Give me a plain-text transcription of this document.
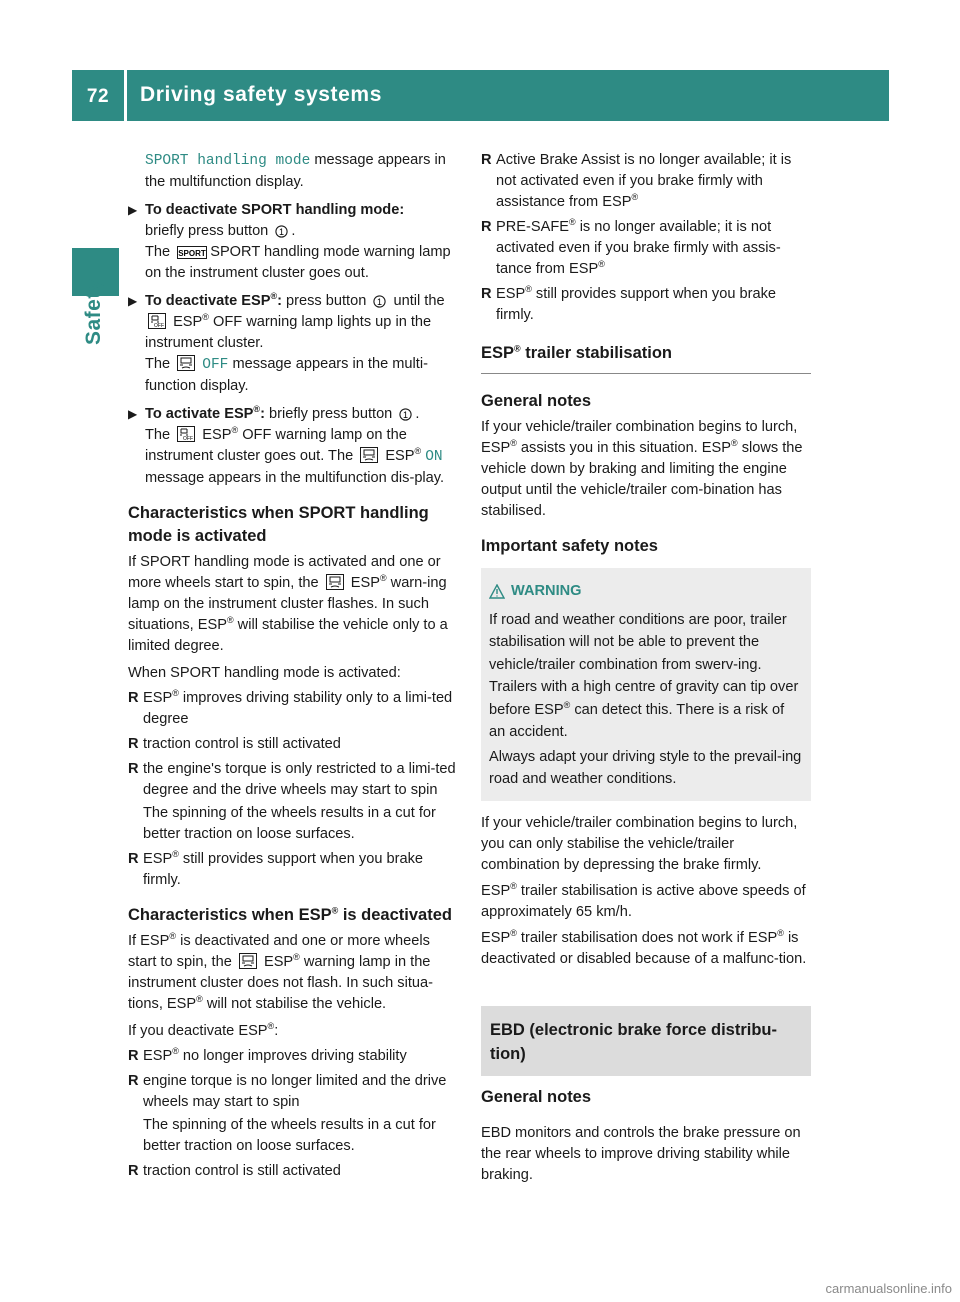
72	Driving safety systems
Safety

SPORT handling mode message appears in the multifunction display.

▶ To deactivate SPORT handling mode:

briefly press button 1 .

The SPORT SPORT handling mode warning lamp on the instrument cluster goes out.

▶ To deactivate ESP®: press button 1 until the
OFF ESP® OFF warning lamp lights up in the instrument cluster.

The OFF message appears in the multi-function display.

▶ To activate ESP®: briefly press button 1 .

The	OFF ESP® OFF warning lamp on the instrument cluster goes out. The ESP® ON message appears in the multifunction dis-play.

Characteristics when SPORT handling mode is activated

If SPORT handling mode is activated and one or more wheels start to spin, the ESP® warn-ing lamp on the instrument cluster flashes. In such situations, ESP® will stabilise the vehicle only to a limited degree.

When SPORT handling mode is activated:

R ESP® improves driving stability only to a limi-ted degree
R traction control is still activated
R the engine's torque is only restricted to a limi-ted degree and the drive wheels may start to spin

The spinning of the wheels results in a cut for better traction on loose surfaces.

R ESP® still provides support when you brake firmly.

Characteristics when ESP® is deactivated

If ESP® is deactivated and one or more wheels start to spin, the ESP® warning lamp in the instrument cluster does not flash. In such situa-tions, ESP® will not stabilise the vehicle.

If you deactivate ESP®:

R ESP® no longer improves driving stability
R engine torque is no longer limited and the drive wheels may start to spin

The spinning of the wheels results in a cut for better traction on loose surfaces.

R traction control is still activated
R Active Brake Assist is no longer available; it is not activated even if you brake firmly with assistance from ESP®
R PRE-SAFE® is no longer available; it is not activated even if you brake firmly with assis-tance from ESP®
R ESP® still provides support when you brake firmly.
ESP® trailer stabilisation

General notes

If your vehicle/trailer combination begins to lurch, ESP® assists you in this situation. ESP® slows the vehicle down by braking and limiting the engine output until the vehicle/trailer com-bination has stabilised.

Important safety notes

WARNING

If road and weather conditions are poor, trailer stabilisation will not be able to prevent the vehicle/trailer combination from swerv-ing. Trailers with a high centre of gravity can tip over before ESP® can detect this. There is a risk of an accident.

Always adapt your driving style to the prevail-ing road and weather conditions.

If your vehicle/trailer combination begins to lurch, you can only stabilise the vehicle/trailer combination by depressing the brake firmly.

ESP® trailer stabilisation is active above speeds of approximately 65 km/h.

ESP® trailer stabilisation does not work if ESP® is deactivated or disabled because of a malfunc-tion.

EBD (electronic brake force distribu-tion)

General notes

EBD monitors and controls the brake pressure on the rear wheels to improve driving stability while braking.

carmanualsonline.info
